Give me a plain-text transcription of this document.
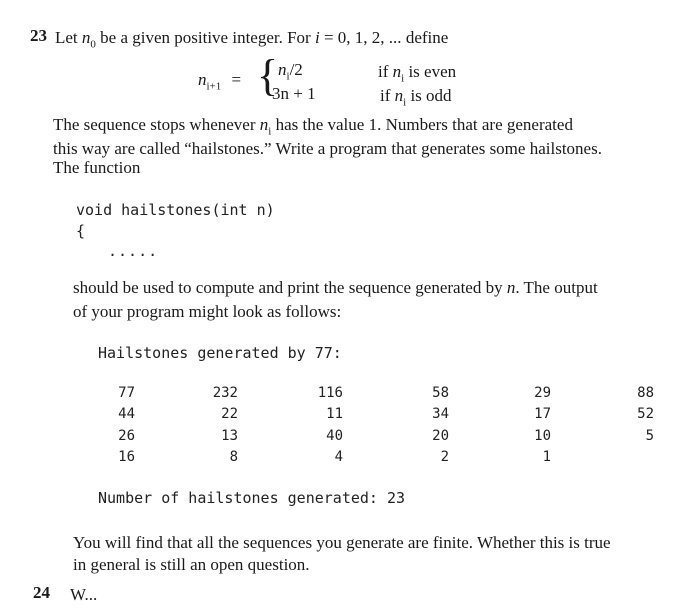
23 Let $n_0$ be a given positive integer. For i = 0, 1, 2, ... define
$n_{i+1}$ = { $n_i/2$
3n + 1
if $n_i$ is even
if $n_i$ is odd
The sequence stops whenever $n_i$ has the value 1. Numbers that are generated
this way are called “hailstones.” Write a program that generates some hailstones.
The function
void hailstones(int n)
{
.....
should be used to compute and print the sequence generated by n. The output
of your program might look as follows:
Hailstones generated by 77:
77	232	116	58	29	88
44	22	11	34	17	52
26	13	40	20	10	5
16	8	4	2	1
Number of hailstones generated: 23
You will find that all the sequences you generate are finite. Whether this is true
in general is still an open question.
24 W...
